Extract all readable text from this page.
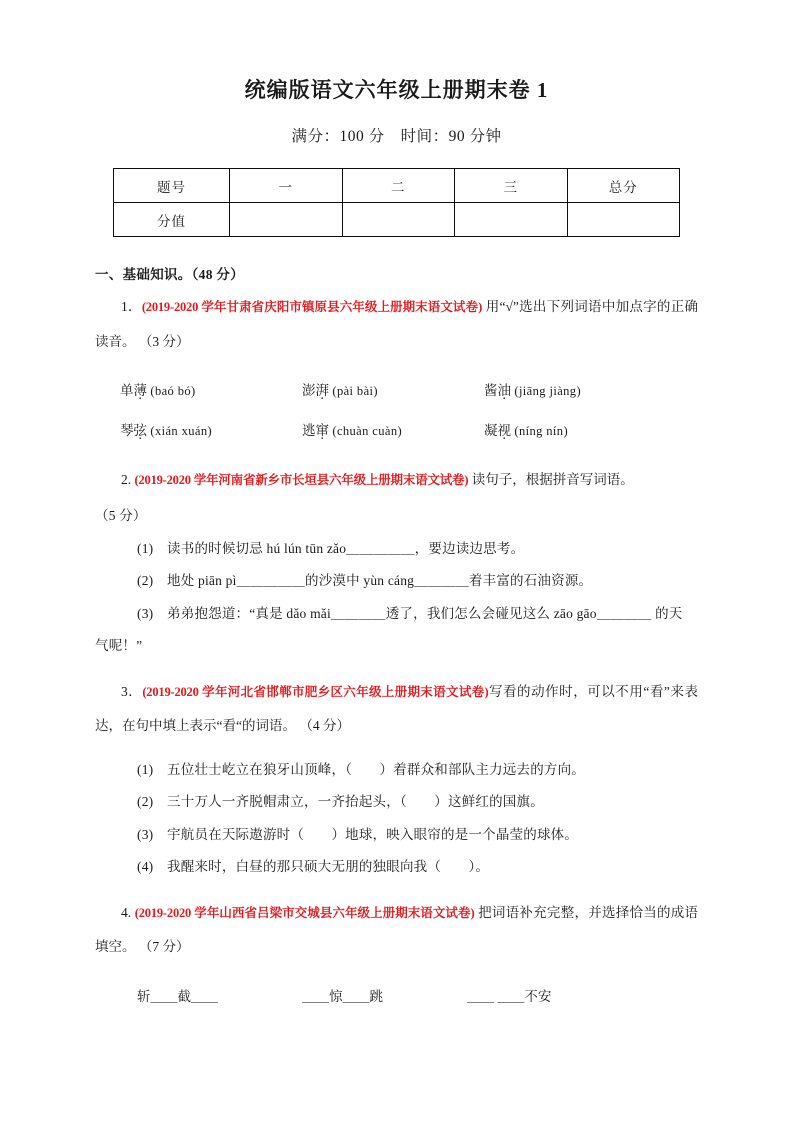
统编版语文六年级上册期末卷 1

满分：100 分　时间：90 分钟

题号	一	二	三	总分
分值				

一、基础知识。（48 分）

1．(2019-2020 学年甘肃省庆阳市镇原县六年级上册期末语文试卷) 用“√”选出下列词语中加点字的正确读音。 （3 分）

单薄 (baó bó)	澎湃 (pài bài)	酱油 (jiāng jiàng)
琴弦 (xián xuán)	逃窜 (chuàn cuàn)	凝视 (níng nín)

2. (2019-2020 学年河南省新乡市长垣县六年级上册期末语文试卷) 读句子，根据拼音写词语。

（5 分）

(1)　读书的时候切忌 hú lún tūn zǎo＿＿＿＿＿，要边读边思考。

(2)　地处 piān pì＿＿＿＿＿的沙漠中 yùn cáng＿＿＿＿着丰富的石油资源。

(3)　弟弟抱怨道：“真是 dǎo mǎi＿＿＿＿透了，我们怎么会碰见这么 zāo gāo＿＿＿＿ 的天

气呢！”

3．(2019-2020 学年河北省邯郸市肥乡区六年级上册期末语文试卷)写看的动作时，可以不用“看”来表达，在句中填上表示“看“的词语。 （4 分）

(1)　五位壮士屹立在狼牙山顶峰，（　　）着群众和部队主力远去的方向。

(2)　三十万人一齐脱帽肃立，一齐抬起头，（　　）这鲜红的国旗。

(3)　宇航员在天际遨游时（　　）地球，映入眼帘的是一个晶莹的球体。

(4)　我醒来时，白昼的那只硕大无朋的独眼向我（　　）。

4. (2019-2020 学年山西省吕梁市交城县六年级上册期末语文试卷) 把词语补充完整，并选择恰当的成语填空。 （7 分）

斩＿＿截＿＿	＿＿惊＿＿跳	＿＿ ＿＿不安
